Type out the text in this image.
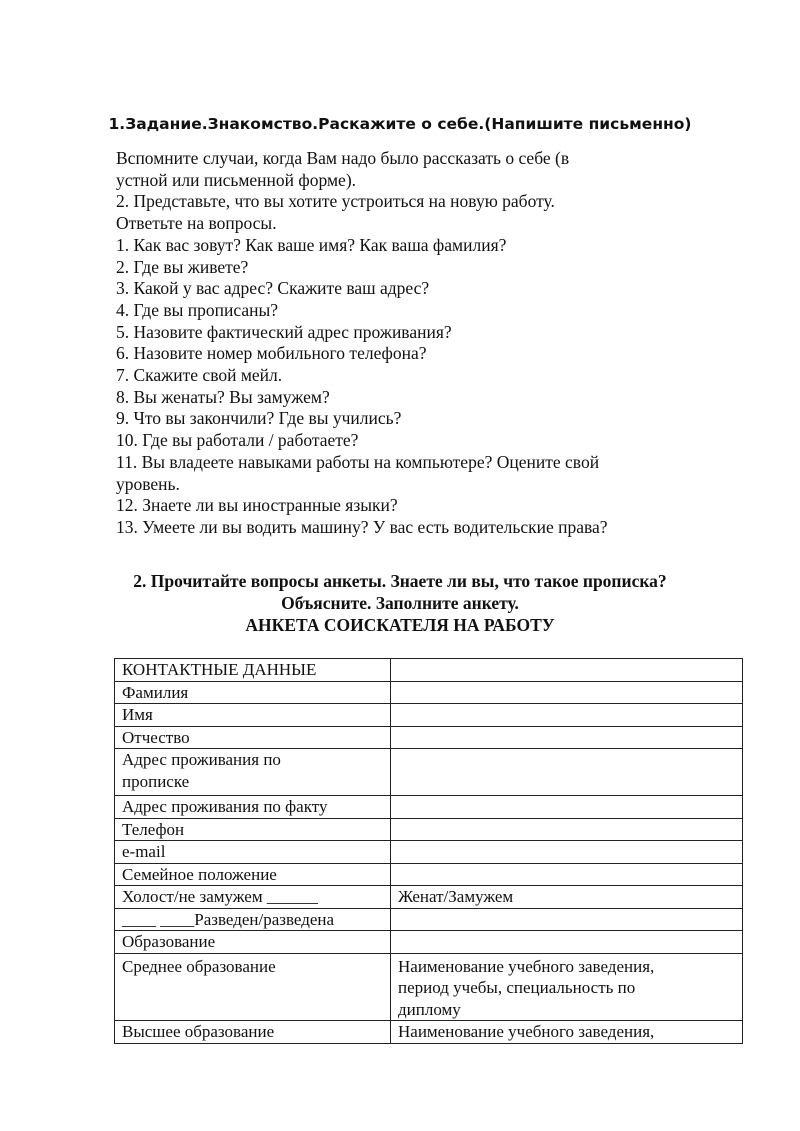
1.Задание.Знакомство.Раскажите о себе.(Напишите письменно)

Вспомните случаи, когда Вам надо было рассказать о себе (в

устной или письменной форме).

2. Представьте, что вы хотите устроиться на новую работу.

Ответьте на вопросы.

1. Как вас зовут? Как ваше имя? Как ваша фамилия?

2. Где вы живете?

3. Какой у вас адрес? Скажите ваш адрес?

4. Где вы прописаны?

5. Назовите фактический адрес проживания?

6. Назовите номер мобильного телефона?

7. Скажите свой мейл.

8. Вы женаты? Вы замужем?

9. Что вы закончили? Где вы учились?

10. Где вы работали / работаете?

11. Вы владеете навыками работы на компьютере? Оцените свой

уровень.

12. Знаете ли вы иностранные языки?

13. Умеете ли вы водить машину? У вас есть водительские права?

2. Прочитайте вопросы анкеты. Знаете ли вы, что такое прописка?

Объясните. Заполните анкету.

АНКЕТА СОИСКАТЕЛЯ НА РАБОТУ

КОНТАКТНЫЕ ДАННЫЕ	

Фамилия	

Имя	

Отчество	

Адрес проживания по
прописке	

Адрес проживания по факту	

Телефон	

e-mail	

Семейное положение	

Холост/не замужем ______	Женат/Замужем

____ ____Разведен/разведена	

Образование	

Среднее образование	Наименование учебного заведения,
период учебы, специальность по
диплому

Высшее образование	Наименование учебного заведения,
